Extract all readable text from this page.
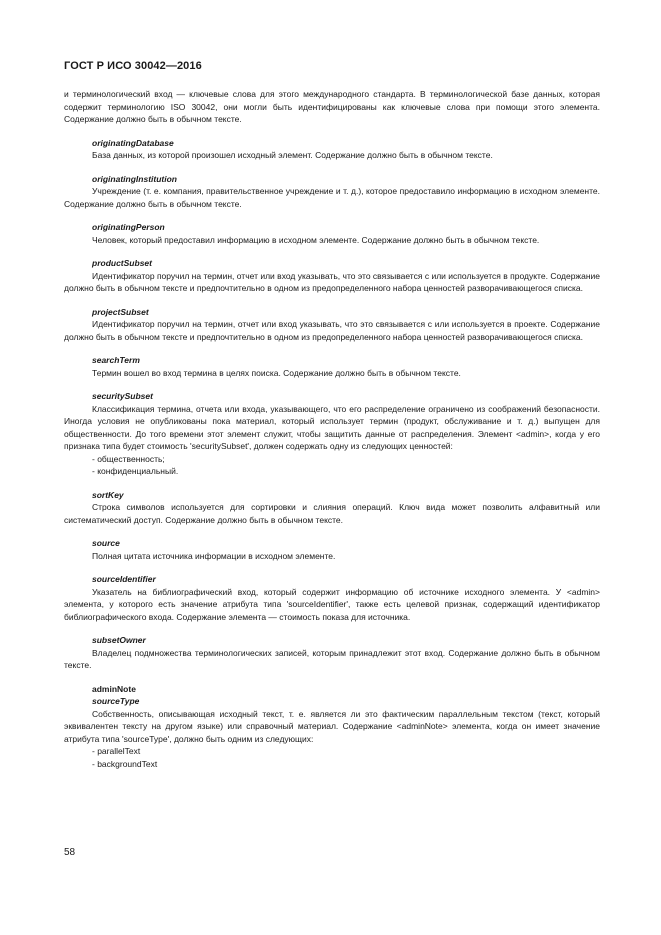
ГОСТ Р ИСО 30042—2016

и терминологический вход — ключевые слова для этого международного стандарта. В терминологической базе данных, которая содержит терминологию ISO 30042, они могли быть идентифицированы как ключевые слова при помощи этого элемента. Содержание должно быть в обычном тексте.

originatingDatabase

База данных, из которой произошел исходный элемент. Содержание должно быть в обычном тексте.

originatingInstitution

Учреждение (т. е. компания, правительственное учреждение и т. д.), которое предоставило информацию в исходном элементе. Содержание должно быть в обычном тексте.

originatingPerson

Человек, который предоставил информацию в исходном элементе. Содержание должно быть в обычном тексте.

productSubset

Идентификатор поручил на термин, отчет или вход указывать, что это связывается с или используется в продукте. Содержание должно быть в обычном тексте и предпочтительно в одном из предопределенного набора ценностей разворачивающегося списка.

projectSubset

Идентификатор поручил на термин, отчет или вход указывать, что это связывается с или используется в проекте. Содержание должно быть в обычном тексте и предпочтительно в одном из предопределенного набора ценностей разворачивающегося списка.

searchTerm

Термин вошел во вход термина в целях поиска. Содержание должно быть в обычном тексте.

securitySubset

Классификация термина, отчета или входа, указывающего, что его распределение ограничено из соображений безопасности. Иногда условия не опубликованы пока материал, который использует термин (продукт, обслуживание и т. д.) выпущен для общественности. До того времени этот элемент служит, чтобы защитить данные от распределения. Элемент <admin>, когда у его признака типа будет стоимость 'securitySubset', должен содержать одну из следующих ценностей:

- общественность;

- конфиденциальный.

sortKey

Строка символов используется для сортировки и слияния операций. Ключ вида может позволить алфавитный или систематический доступ. Содержание должно быть в обычном тексте.

source

Полная цитата источника информации в исходном элементе.

sourceIdentifier

Указатель на библиографический вход, который содержит информацию об источнике исходного элемента. У <admin> элемента, у которого есть значение атрибута типа 'sourceIdentifier', также есть целевой признак, содержащий идентификатор библиографического входа. Содержание элемента — стоимость показа для источника.

subsetOwner

Владелец подмножества терминологических записей, которым принадлежит этот вход. Содержание должно быть в обычном тексте.

adminNote

sourceType

Собственность, описывающая исходный текст, т. е. является ли это фактическим параллельным текстом (текст, который эквивалентен тексту на другом языке) или справочный материал. Содержание <adminNote> элемента, когда он имеет значение атрибута типа 'sourceType', должно быть одним из следующих:

- parallelText

- backgroundText

58
